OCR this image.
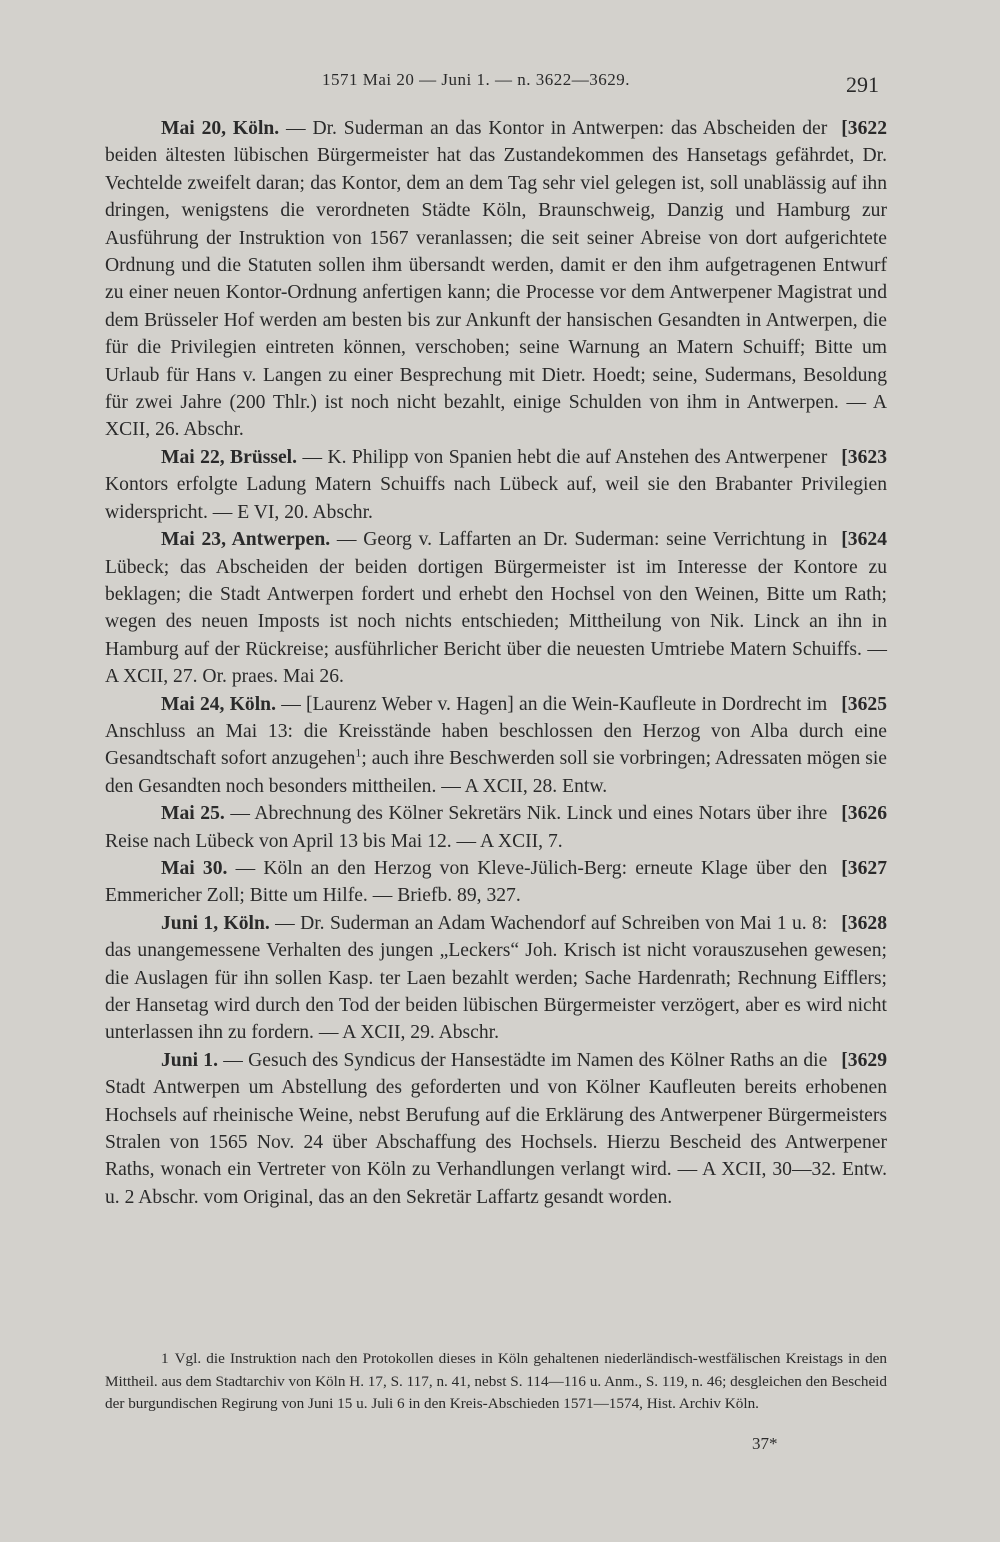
1571 Mai 20 — Juni 1. — n. 3622—3629.	291

[3622
Mai 20, Köln. — Dr. Suderman an das Kontor in Antwerpen: das Abscheiden der beiden ältesten lübischen Bürgermeister hat das Zustandekommen des Hansetags gefährdet, Dr. Vechtelde zweifelt daran; das Kontor, dem an dem Tag sehr viel gelegen ist, soll unablässig auf ihn dringen, wenigstens die verordneten Städte Köln, Braunschweig, Danzig und Hamburg zur Ausführung der Instruktion von 1567 veranlassen; die seit seiner Abreise von dort aufgerichtete Ordnung und die Statuten sollen ihm übersandt werden, damit er den ihm aufgetragenen Entwurf zu einer neuen Kontor-Ordnung anfertigen kann; die Processe vor dem Antwerpener Magistrat und dem Brüsseler Hof werden am besten bis zur Ankunft der hansischen Gesandten in Antwerpen, die für die Privilegien eintreten können, verschoben; seine Warnung an Matern Schuiff; Bitte um Urlaub für Hans v. Langen zu einer Besprechung mit Dietr. Hoedt; seine, Sudermans, Besoldung für zwei Jahre (200 Thlr.) ist noch nicht bezahlt, einige Schulden von ihm in Antwerpen. — A XCII, 26. Abschr.

[3623
Mai 22, Brüssel. — K. Philipp von Spanien hebt die auf Anstehen des Antwerpener Kontors erfolgte Ladung Matern Schuiffs nach Lübeck auf, weil sie den Brabanter Privilegien widerspricht. — E VI, 20. Abschr.

[3624
Mai 23, Antwerpen. — Georg v. Laffarten an Dr. Suderman: seine Verrichtung in Lübeck; das Abscheiden der beiden dortigen Bürgermeister ist im Interesse der Kontore zu beklagen; die Stadt Antwerpen fordert und erhebt den Hochsel von den Weinen, Bitte um Rath; wegen des neuen Imposts ist noch nichts entschieden; Mittheilung von Nik. Linck an ihn in Hamburg auf der Rückreise; ausführlicher Bericht über die neuesten Umtriebe Matern Schuiffs. — A XCII, 27. Or. praes. Mai 26.

[3625
Mai 24, Köln. — [Laurenz Weber v. Hagen] an die Wein-Kaufleute in Dordrecht im Anschluss an Mai 13: die Kreisstände haben beschlossen den Herzog von Alba durch eine Gesandtschaft sofort anzugehen$^1$; auch ihre Beschwerden soll sie vorbringen; Adressaten mögen sie den Gesandten noch besonders mittheilen. — A XCII, 28. Entw.

[3626
Mai 25. — Abrechnung des Kölner Sekretärs Nik. Linck und eines Notars über ihre Reise nach Lübeck von April 13 bis Mai 12. — A XCII, 7.

[3627
Mai 30. — Köln an den Herzog von Kleve-Jülich-Berg: erneute Klage über den Emmericher Zoll; Bitte um Hilfe. — Briefb. 89, 327.

[3628
Juni 1, Köln. — Dr. Suderman an Adam Wachendorf auf Schreiben von Mai 1 u. 8: das unangemessene Verhalten des jungen „Leckers“ Joh. Krisch ist nicht vorauszusehen gewesen; die Auslagen für ihn sollen Kasp. ter Laen bezahlt werden; Sache Hardenrath; Rechnung Eifflers; der Hansetag wird durch den Tod der beiden lübischen Bürgermeister verzögert, aber es wird nicht unterlassen ihn zu fordern. — A XCII, 29. Abschr.

[3629
Juni 1. — Gesuch des Syndicus der Hansestädte im Namen des Kölner Raths an die Stadt Antwerpen um Abstellung des geforderten und von Kölner Kaufleuten bereits erhobenen Hochsels auf rheinische Weine, nebst Berufung auf die Erklärung des Antwerpener Bürgermeisters Stralen von 1565 Nov. 24 über Abschaffung des Hochsels. Hierzu Bescheid des Antwerpener Raths, wonach ein Vertreter von Köln zu Verhandlungen verlangt wird. — A XCII, 30—32. Entw. u. 2 Abschr. vom Original, das an den Sekretär Laffartz gesandt worden.

1 Vgl. die Instruktion nach den Protokollen dieses in Köln gehaltenen niederländisch-westfälischen Kreistags in den Mittheil. aus dem Stadtarchiv von Köln H. 17, S. 117, n. 41, nebst S. 114—116 u. Anm., S. 119, n. 46; desgleichen den Bescheid der burgundischen Regirung von Juni 15 u. Juli 6 in den Kreis-Abschieden 1571—1574, Hist. Archiv Köln.

37*
